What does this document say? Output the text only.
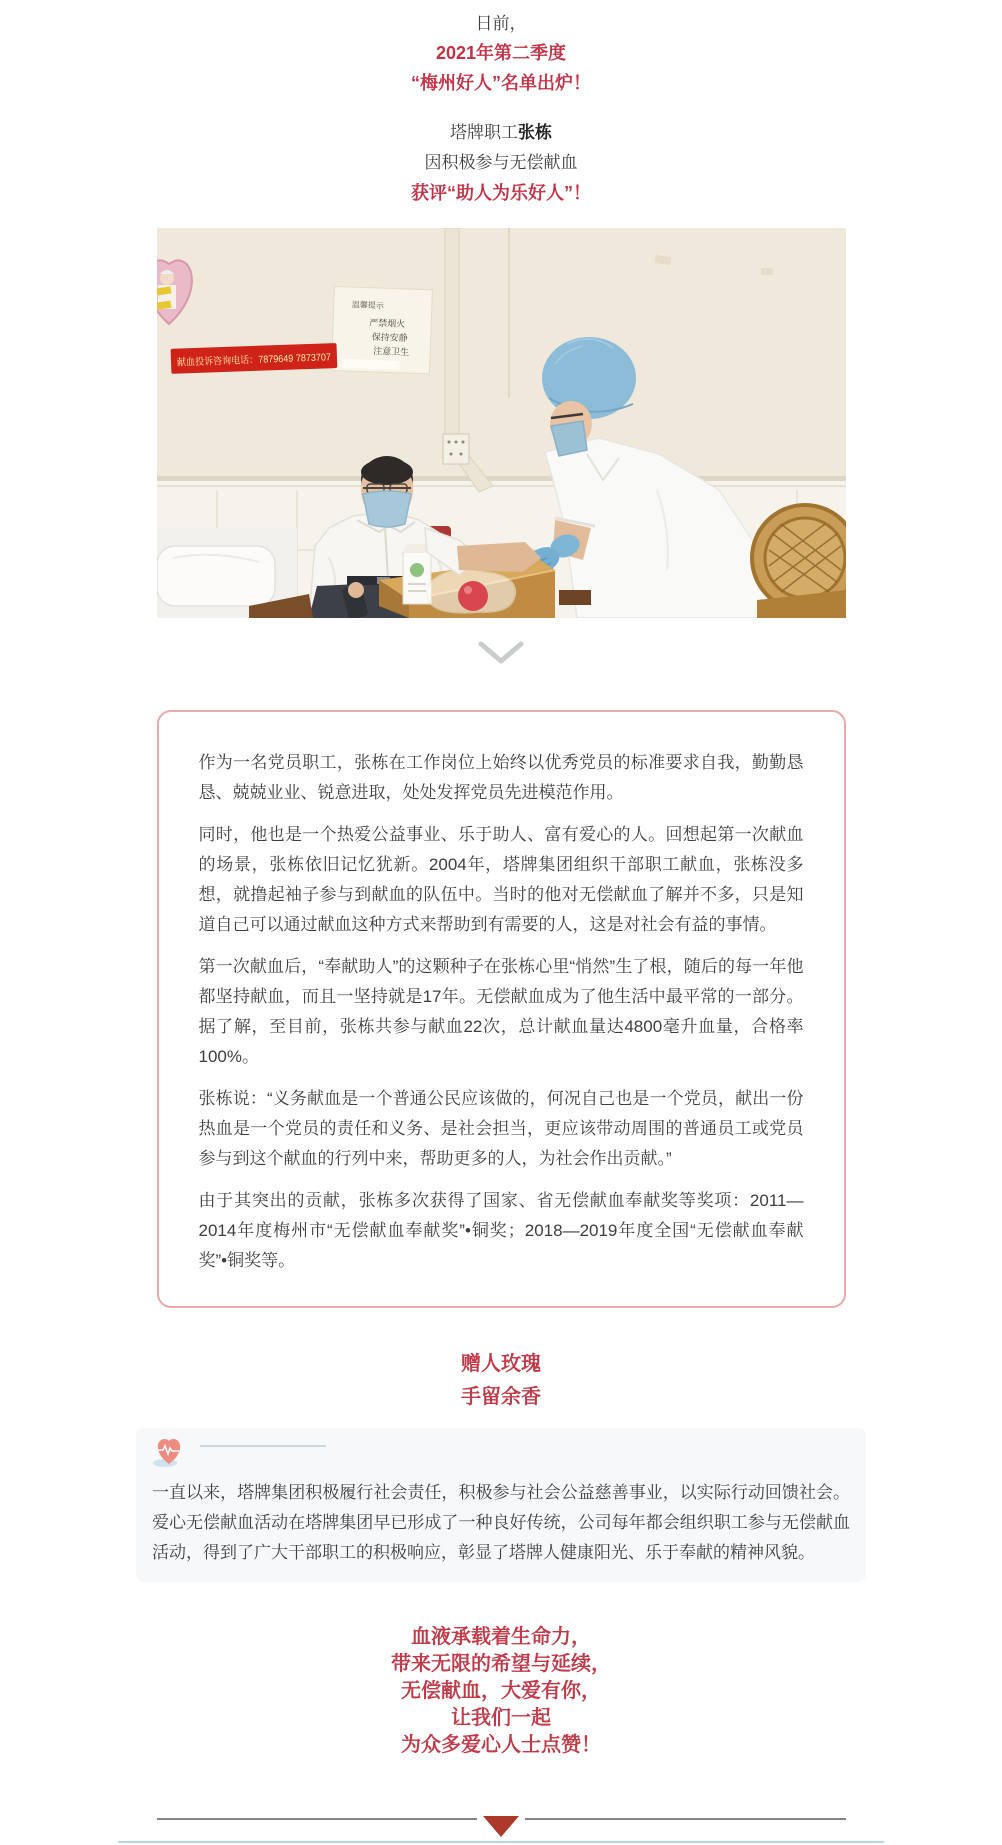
日前，
2021年第二季度
“梅州好人”名单出炉！
塔牌职工张栋
因积极参与无偿献血
获评“助人为乐好人”！
温馨提示
严禁烟火
保持安静
注意卫生
献血投诉咨询电话：7879649 7873707

作为一名党员职工，张栋在工作岗位上始终以优秀党员的标准要求自我，勤勤恳恳、兢兢业业、锐意进取，处处发挥党员先进模范作用。

同时，他也是一个热爱公益事业、乐于助人、富有爱心的人。回想起第一次献血的场景，张栋依旧记忆犹新。2004年，塔牌集团组织干部职工献血，张栋没多想，就撸起袖子参与到献血的队伍中。当时的他对无偿献血了解并不多，只是知道自己可以通过献血这种方式来帮助到有需要的人，这是对社会有益的事情。

第一次献血后，“奉献助人”的这颗种子在张栋心里“悄然”生了根，随后的每一年他都坚持献血，而且一坚持就是17年。无偿献血成为了他生活中最平常的一部分。据了解，至目前，张栋共参与献血22次，总计献血量达4800毫升血量，合格率100%。

张栋说：“义务献血是一个普通公民应该做的，何况自己也是一个党员，献出一份热血是一个党员的责任和义务、是社会担当，更应该带动周围的普通员工或党员参与到这个献血的行列中来，帮助更多的人，为社会作出贡献。”

由于其突出的贡献，张栋多次获得了国家、省无偿献血奉献奖等奖项：2011—2014年度梅州市“无偿献血奉献奖”•铜奖；2018—2019年度全国“无偿献血奉献奖”•铜奖等。

赠人玫瑰
手留余香

一直以来，塔牌集团积极履行社会责任，积极参与社会公益慈善事业，以实际行动回馈社会。爱心无偿献血活动在塔牌集团早已形成了一种良好传统，公司每年都会组织职工参与无偿献血活动，得到了广大干部职工的积极响应，彰显了塔牌人健康阳光、乐于奉献的精神风貌。

血液承载着生命力，
带来无限的希望与延续，
无偿献血，大爱有你，
让我们一起
为众多爱心人士点赞！
